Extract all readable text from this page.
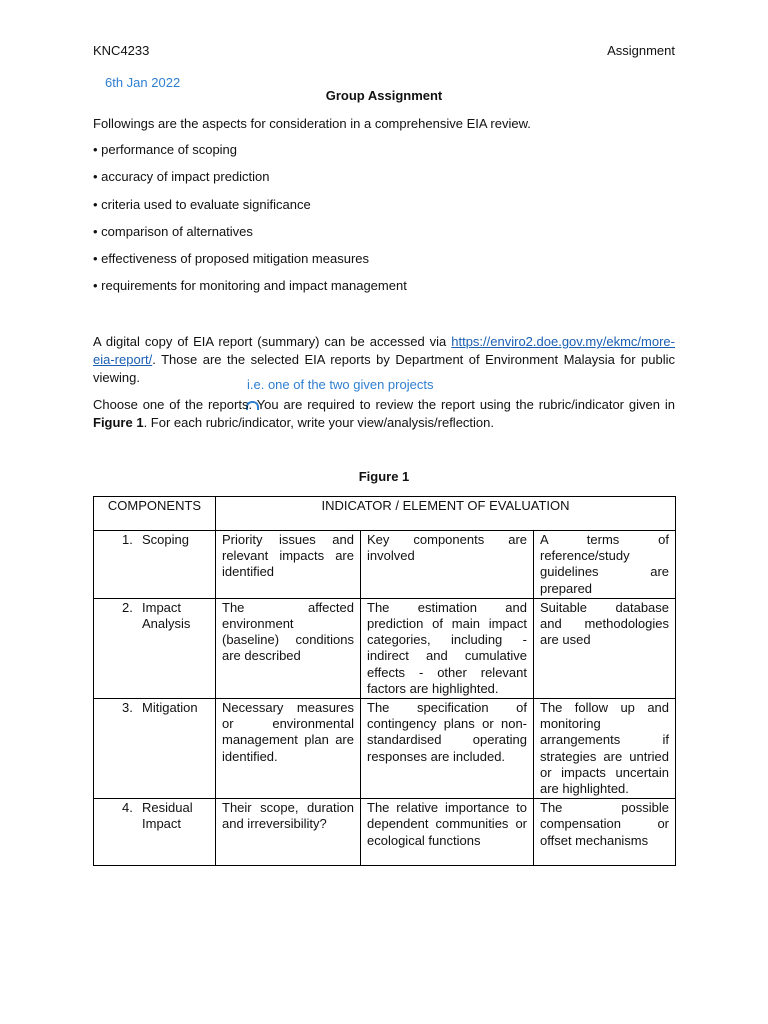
KNC4233	Assignment
6th Jan 2022
Group Assignment
Followings are the aspects for consideration in a comprehensive EIA review.
• performance of scoping
• accuracy of impact prediction
• criteria used to evaluate significance
• comparison of alternatives
• effectiveness of proposed mitigation measures
• requirements for monitoring and impact management
A digital copy of EIA report (summary) can be accessed via https://enviro2.doe.gov.my/ekmc/more-eia-report/. Those are the selected EIA reports by Department of Environment Malaysia for public viewing.	i.e. one of the two given projects
Choose one of the reports. You are required to review the report using the rubric/indicator given in Figure 1. For each rubric/indicator, write your view/analysis/reflection.
Figure 1
COMPONENTS	INDICATOR / ELEMENT OF EVALUATION		

1. Scoping	Priority issues and relevant impacts are identified	Key components are involved	A terms of reference/study guidelines are prepared

2. Impact Analysis	The affected environment (baseline) conditions are described	The estimation and prediction of main impact categories, including - indirect and cumulative effects - other relevant factors are highlighted.	Suitable database and methodologies are used

3. Mitigation	Necessary measures or environmental management plan are identified.	The specification of contingency plans or non-standardised operating responses are included.	The follow up and monitoring arrangements if strategies are untried or impacts uncertain are highlighted.

4. Residual Impact	Their scope, duration and irreversibility?	The relative importance to dependent communities or ecological functions	The possible compensation or offset mechanisms
